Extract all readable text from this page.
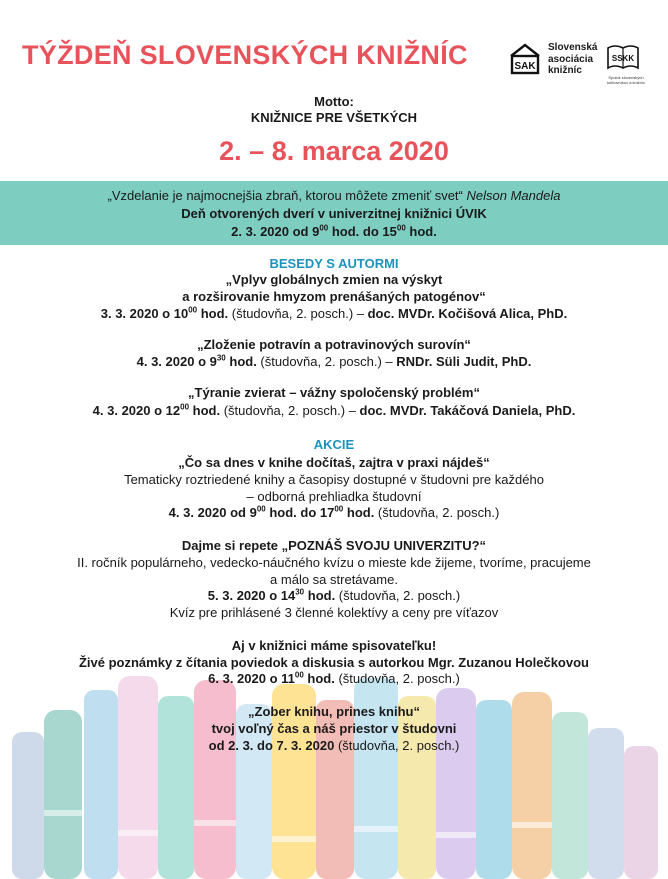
TÝŽDEŇ SLOVENSKÝCH KNIŽNÍC	SAK
Slovenská
asociácia
knižníc
SSKK
Spolok slovenských knihovníkov a knižníc
Motto:
KNIŽNICE PRE VŠETKÝCH
2. – 8. marca 2020
„Vzdelanie je najmocnejšia zbraň, ktorou môžete zmeniť svet“ Nelson Mandela
Deň otvorených dverí v univerzitnej knižnici ÚVIK
2. 3. 2020 od $9^{00}$ hod. do $15^{00}$ hod.
BESEDY S AUTORMI
„Vplyv globálnych zmien na výskyt
a rozširovanie hmyzom prenášaných patogénov“
3. 3. 2020 o $10^{00}$ hod. (študovňa, 2. posch.) – doc. MVDr. Kočišová Alica, PhD.
„Zloženie potravín a potravinových surovín“
4. 3. 2020 o $9^{30}$ hod. (študovňa, 2. posch.) – RNDr. Süli Judit, PhD.
„Týranie zvierat – vážny spoločenský problém“
4. 3. 2020 o $12^{00}$ hod. (študovňa, 2. posch.) – doc. MVDr. Takáčová Daniela, PhD.
AKCIE
„Čo sa dnes v knihe dočítaš, zajtra v praxi nájdeš“
Tematicky roztriedené knihy a časopisy dostupné v študovni pre každého
– odborná prehliadka študovní
4. 3. 2020 od $9^{00}$ hod. do $17^{00}$ hod. (študovňa, 2. posch.)
Dajme si repete „POZNÁŠ SVOJU UNIVERZITU?“
II. ročník populárneho, vedecko-náučného kvízu o mieste kde žijeme, tvoríme, pracujeme
a málo sa stretávame.
5. 3. 2020 o $14^{30}$ hod. (študovňa, 2. posch.)
Kvíz pre prihlásené 3 členné kolektívy a ceny pre víťazov
Aj v knižnici máme spisovateľku!
Živé poznámky z čítania poviedok a diskusia s autorkou Mgr. Zuzanou Holečkovou
6. 3. 2020 o $11^{00}$ hod. (študovňa, 2. posch.)
„Zober knihu, prines knihu“
tvoj voľný čas a náš priestor v študovni
od 2. 3. do 7. 3. 2020 (študovňa, 2. posch.)
